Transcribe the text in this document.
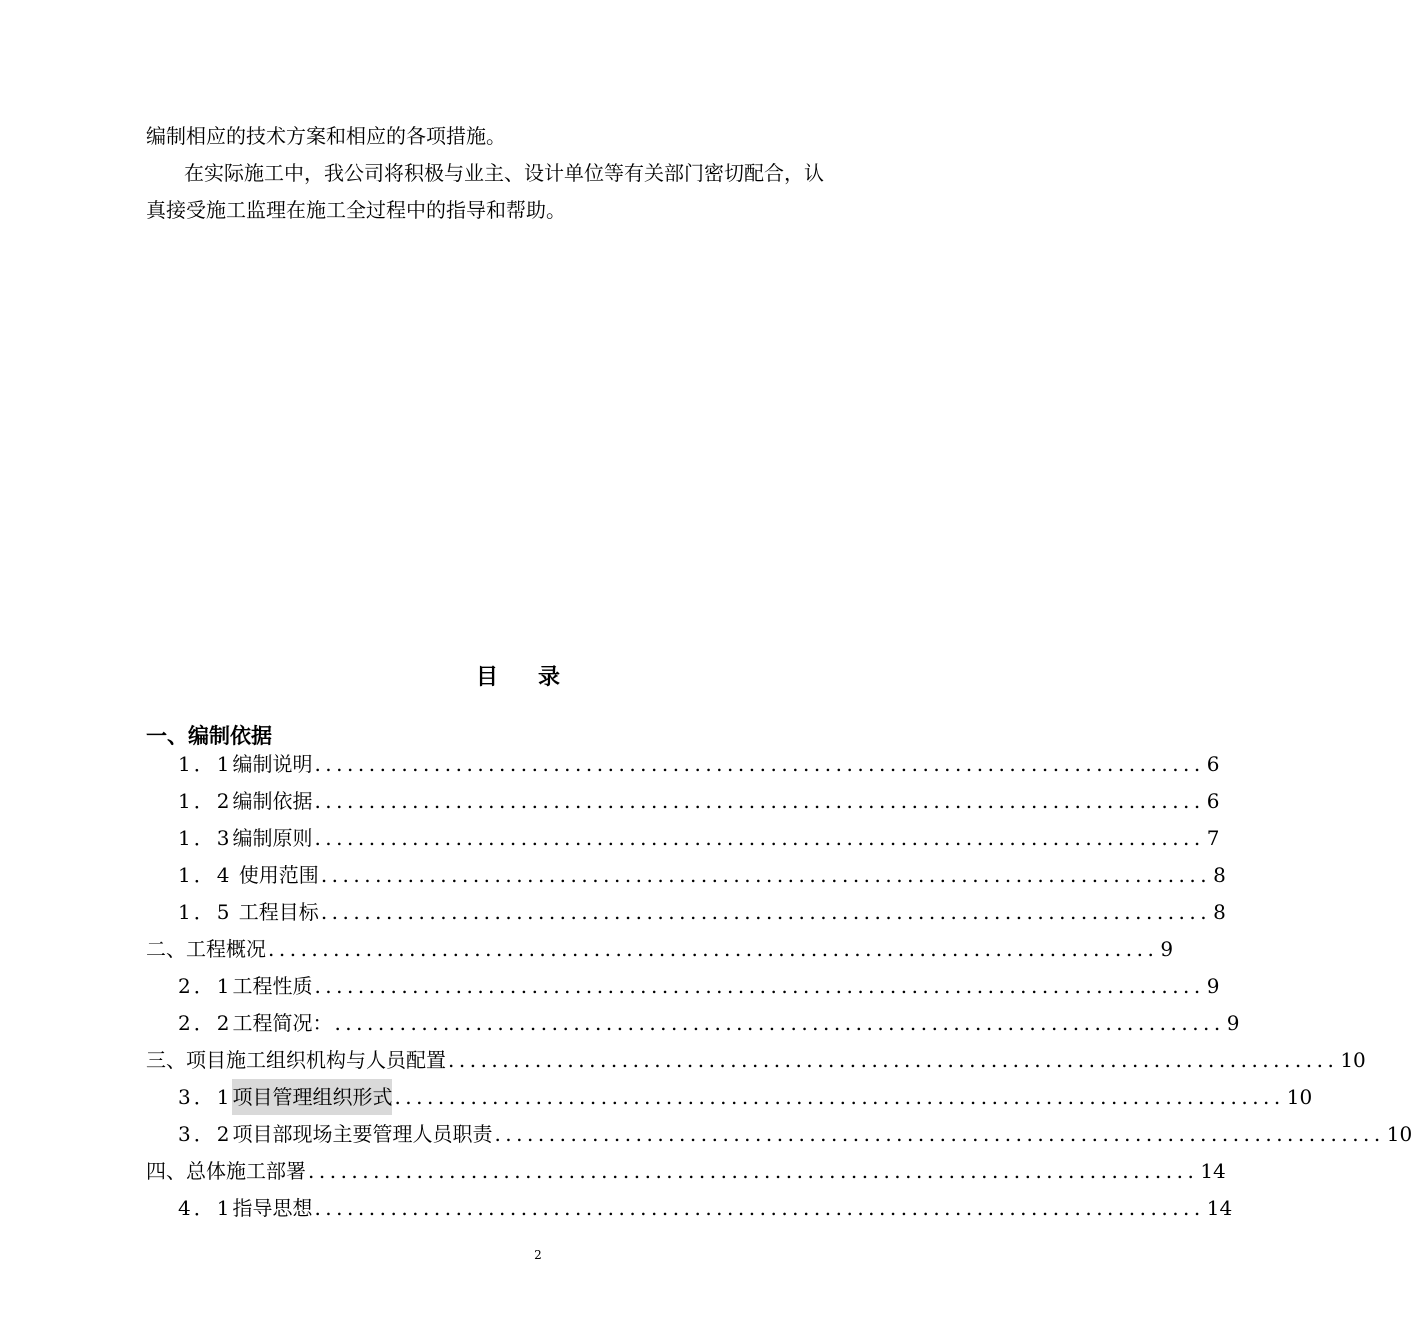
编制相应的技术方案和相应的各项措施。
在实际施工中，我公司将积极与业主、设计单位等有关部门密切配合，认
真接受施工监理在施工全过程中的指导和帮助。
目录
一、编制依据
1．1 编制说明 .................................................................................. 6
1．2 编制依据 .................................................................................. 6
1．3 编制原则 .................................................................................. 7
1．4 使用范围 .................................................................................. 8
1．5 工程目标 .................................................................................. 8
二、工程概况 .................................................................................. 9
2．1 工程性质 .................................................................................. 9
2．2 工程简况： .................................................................................. 9
三、项目施工组织机构与人员配置 .................................................................................. 10
3．1 项目管理组织形式 .................................................................................. 10
3．2 项目部现场主要管理人员职责 .................................................................................. 10
四、总体施工部署 .................................................................................. 14
4．1 指导思想 .................................................................................. 14
2
